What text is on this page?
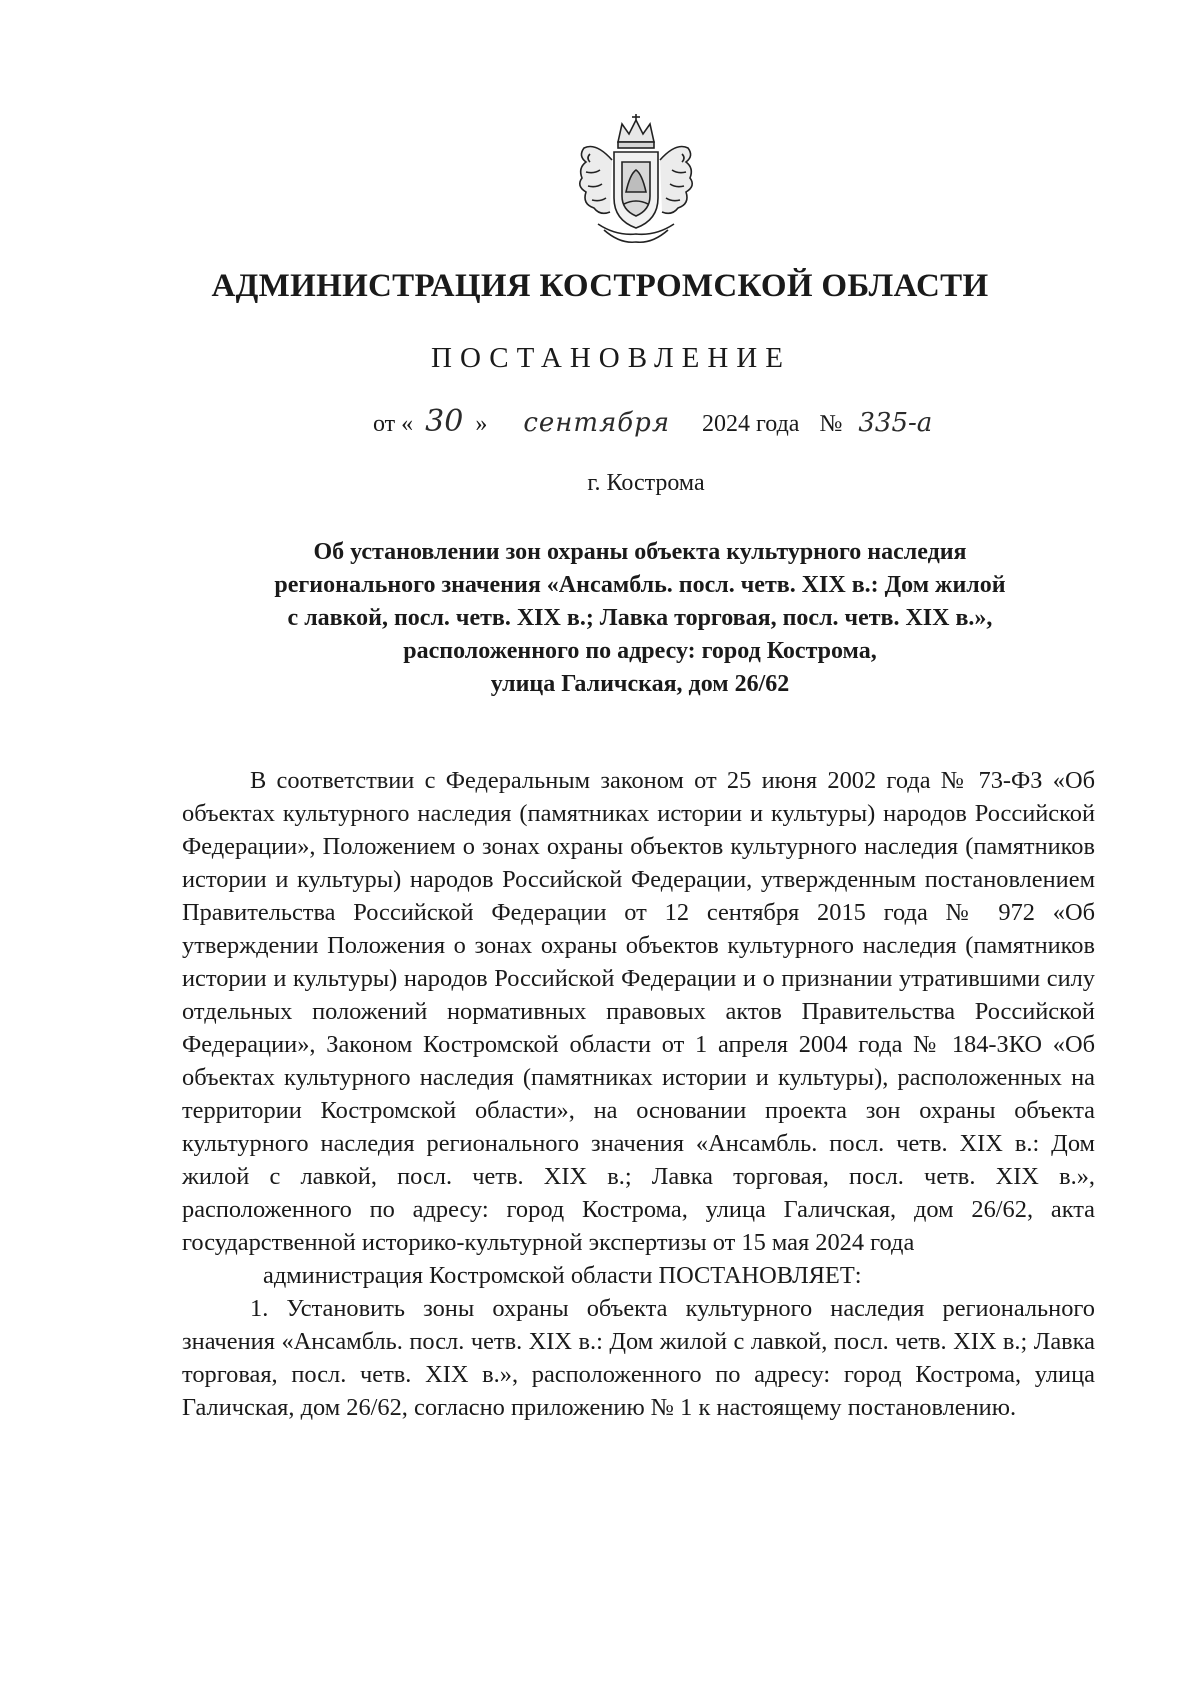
АДМИНИСТРАЦИЯ КОСТРОМСКОЙ ОБЛАСТИ
ПОСТАНОВЛЕНИЕ
от « 30 » сентября 2024 года № 335-а
г. Кострома
Об установлении зон охраны объекта культурного наследия
регионального значения «Ансамбль. посл. четв. XIX в.: Дом жилой
с лавкой, посл. четв. XIX в.; Лавка торговая, посл. четв. XIX в.»,
расположенного по адресу: город Кострома,
улица Галичская, дом 26/62

В соответствии с Федеральным законом от 25 июня 2002 года № 73-ФЗ «Об объектах культурного наследия (памятниках истории и культуры) народов Российской Федерации», Положением о зонах охраны объектов культурного наследия (памятников истории и культуры) народов Российской Федерации, утвержденным постановлением Правительства Российской Федерации от 12 сентября 2015 года № 972 «Об утверждении Положения о зонах охраны объектов культурного наследия (памятников истории и культуры) народов Российской Федерации и о признании утратившими силу отдельных положений нормативных правовых актов Правительства Российской Федерации», Законом Костромской области от 1 апреля 2004 года № 184-ЗКО «Об объектах культурного наследия (памятниках истории и культуры), расположенных на территории Костромской области», на основании проекта зон охраны объекта культурного наследия регионального значения «Ансамбль. посл. четв. XIX в.: Дом жилой с лавкой, посл. четв. XIX в.; Лавка торговая, посл. четв. XIX в.», расположенного по адресу: город Кострома, улица Галичская, дом 26/62, акта государственной историко-культурной экспертизы от 15 мая 2024 года

администрация Костромской области ПОСТАНОВЛЯЕТ:

1. Установить зоны охраны объекта культурного наследия регионального значения «Ансамбль. посл. четв. XIX в.: Дом жилой с лавкой, посл. четв. XIX в.; Лавка торговая, посл. четв. XIX в.», расположенного по адресу: город Кострома, улица Галичская, дом 26/62, согласно приложению № 1 к настоящему постановлению.
